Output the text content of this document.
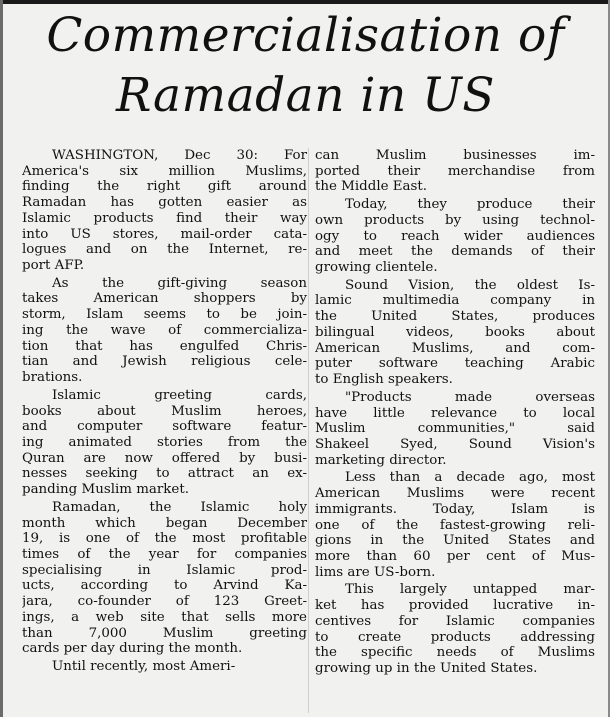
Commercialisation of
Ramadan in US
WASHINGTON, Dec 30: For
America's six million Muslims,
finding the right gift around
Ramadan has gotten easier as
Islamic products find their way
into US stores, mail-order cata-
logues and on the Internet, re-
port AFP.
As the gift-giving season
takes American shoppers by
storm, Islam seems to be join-
ing the wave of commercializa-
tion that has engulfed Chris-
tian and Jewish religious cele-
brations.
Islamic greeting cards,
books about Muslim heroes,
and computer software featur-
ing animated stories from the
Quran are now offered by busi-
nesses seeking to attract an ex-
panding Muslim market.
Ramadan, the Islamic holy
month which began December
19, is one of the most profitable
times of the year for companies
specialising in Islamic prod-
ucts, according to Arvind Ka-
jara, co-founder of 123 Greet-
ings, a web site that sells more
than 7,000 Muslim greeting
cards per day during the month.
Until recently, most Ameri-
can Muslim businesses im-
ported their merchandise from
the Middle East.
Today, they produce their
own products by using technol-
ogy to reach wider audiences
and meet the demands of their
growing clientele.
Sound Vision, the oldest Is-
lamic multimedia company in
the United States, produces
bilingual videos, books about
American Muslims, and com-
puter software teaching Arabic
to English speakers.
"Products made overseas
have little relevance to local
Muslim communities," said
Shakeel Syed, Sound Vision's
marketing director.
Less than a decade ago, most
American Muslims were recent
immigrants. Today, Islam is
one of the fastest-growing reli-
gions in the United States and
more than 60 per cent of Mus-
lims are US-born.
This largely untapped mar-
ket has provided lucrative in-
centives for Islamic companies
to create products addressing
the specific needs of Muslims
growing up in the United States.
